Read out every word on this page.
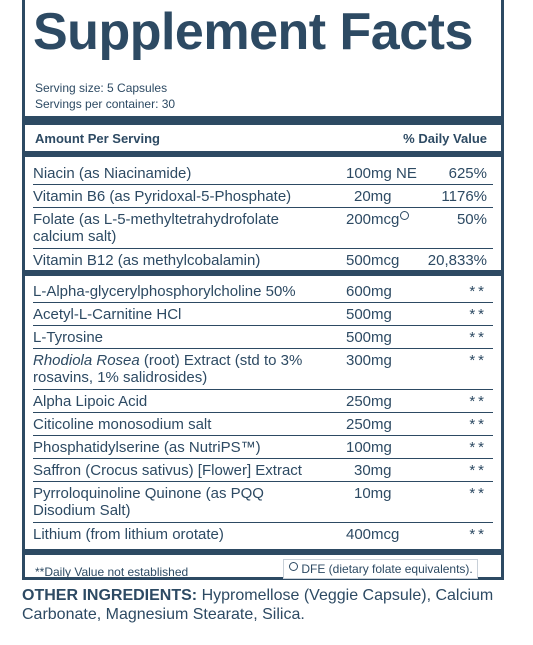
Supplement Facts
Serving size: 5 Capsules
Servings per container: 30
Amount Per Serving	% Daily Value
Niacin (as Niacinamide)	100mg NE 625%
Vitamin B6 (as Pyridoxal-5-Phosphate)	20mg	1176%
Folate (as L-5-methyltetrahydrofolate
calcium salt)
200mcg	50%
Vitamin B12 (as methylcobalamin)	500mcg 20,833%
L-Alpha-glycerylphosphorylcholine 50%	600mg	**
Acetyl-L-Carnitine HCl	500mg	**
L-Tyrosine	500mg	**
Rhodiola Rosea (root) Extract (std to 3%
rosavins, 1% salidrosides)
300mg	**
Alpha Lipoic Acid	250mg	**
Citicoline monosodium salt	250mg	**
Phosphatidylserine (as NutriPS™)	100mg	**
Saffron (Crocus sativus) [Flower] Extract	30mg	**
Pyrroloquinoline Quinone (as PQQ
Disodium Salt)
10mg	**
Lithium (from lithium orotate)	400mcg	**
**Daily Value not established	DFE (dietary folate equivalents).
OTHER INGREDIENTS: Hypromellose (Veggie Capsule), Calcium Carbonate, Magnesium Stearate, Silica.
